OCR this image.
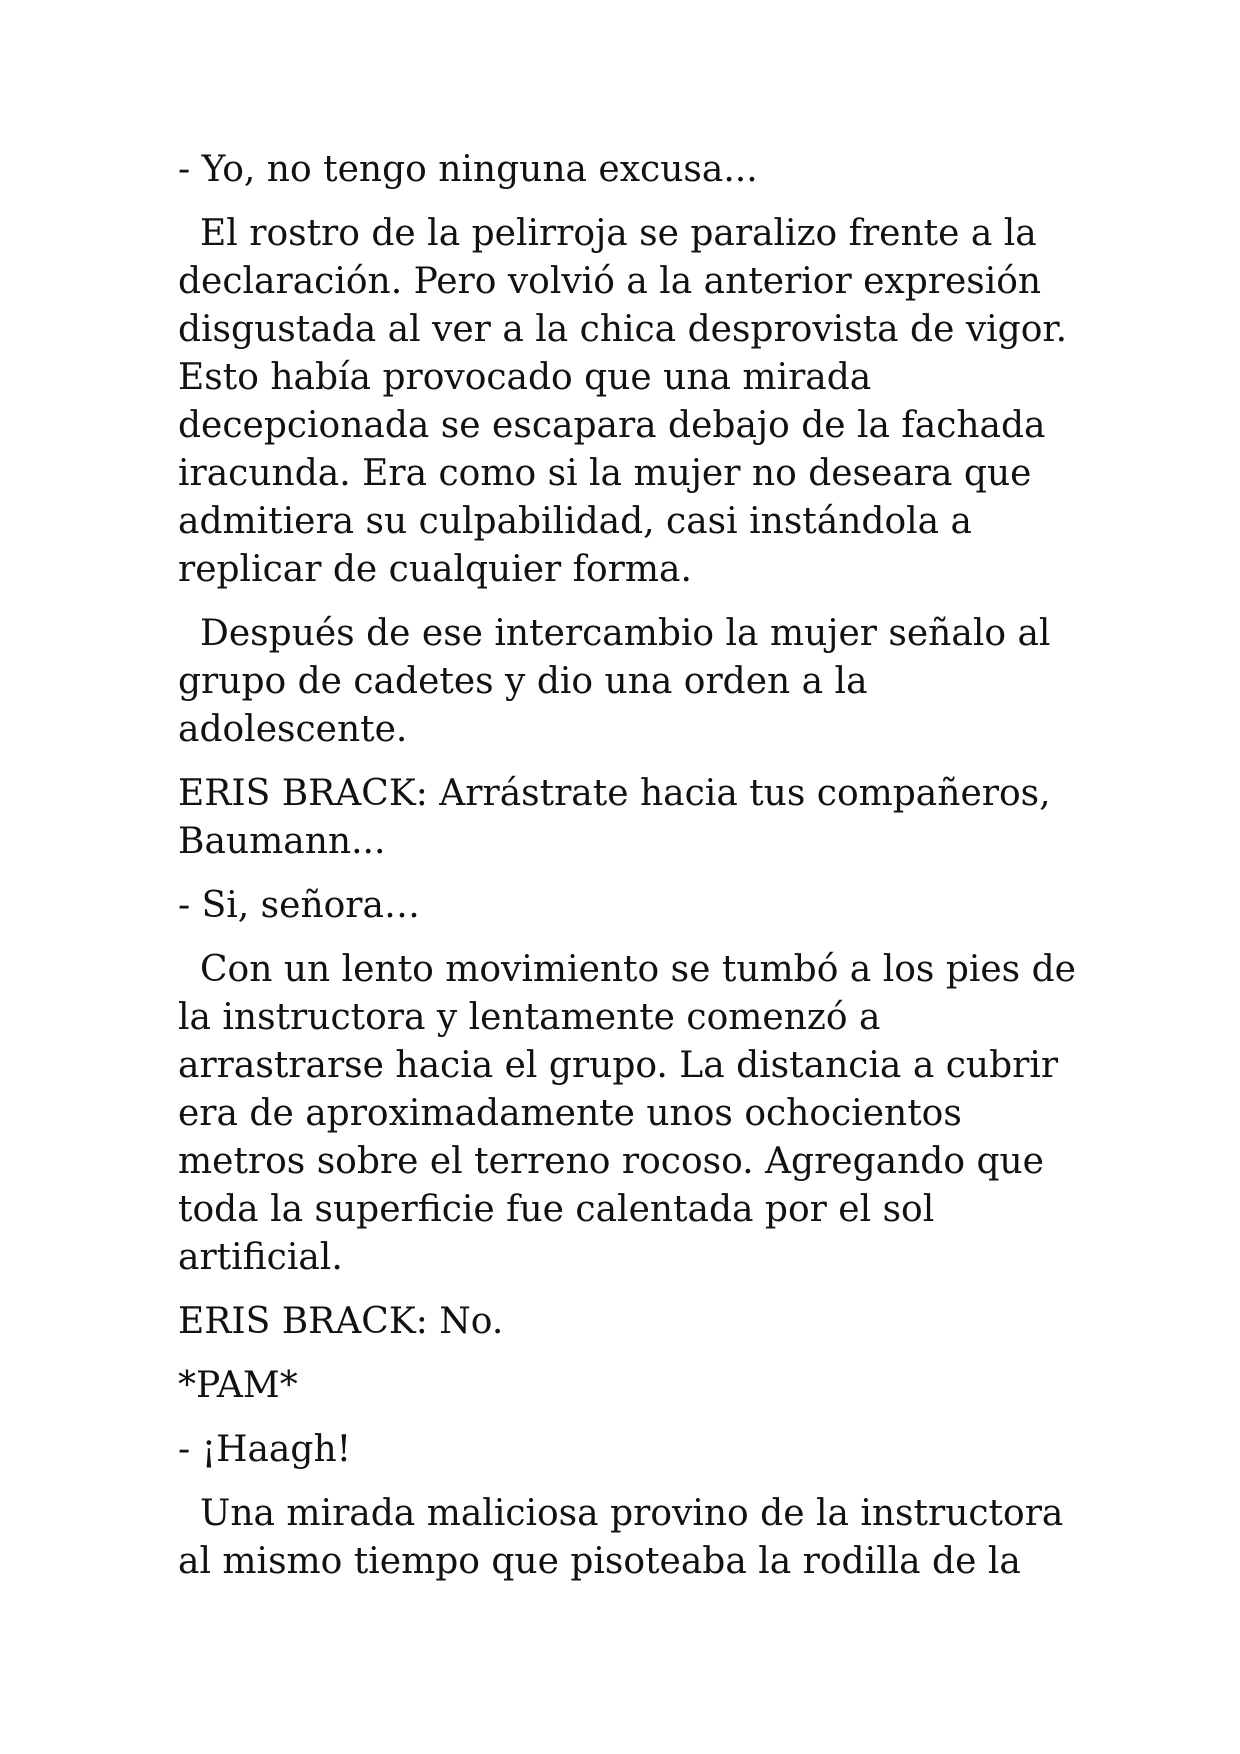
- Yo, no tengo ninguna excusa...

El rostro de la pelirroja se paralizo frente a la declaración. Pero volvió a la anterior expresión disgustada al ver a la chica desprovista de vigor. Esto había provocado que una mirada decepcionada se escapara debajo de la fachada iracunda. Era como si la mujer no deseara que admitiera su culpabilidad, casi instándola a replicar de cualquier forma.

Después de ese intercambio la mujer señalo al grupo de cadetes y dio una orden a la adolescente.

ERIS BRACK: Arrástrate hacia tus compañeros, Baumann...

- Si, señora…

Con un lento movimiento se tumbó a los pies de la instructora y lentamente comenzó a arrastrarse hacia el grupo. La distancia a cubrir era de aproximadamente unos ochocientos metros sobre el terreno rocoso. Agregando que toda la superficie fue calentada por el sol artificial.

ERIS BRACK: No.

*PAM*

- ¡Haagh!

Una mirada maliciosa provino de la instructora al mismo tiempo que pisoteaba la rodilla de la
